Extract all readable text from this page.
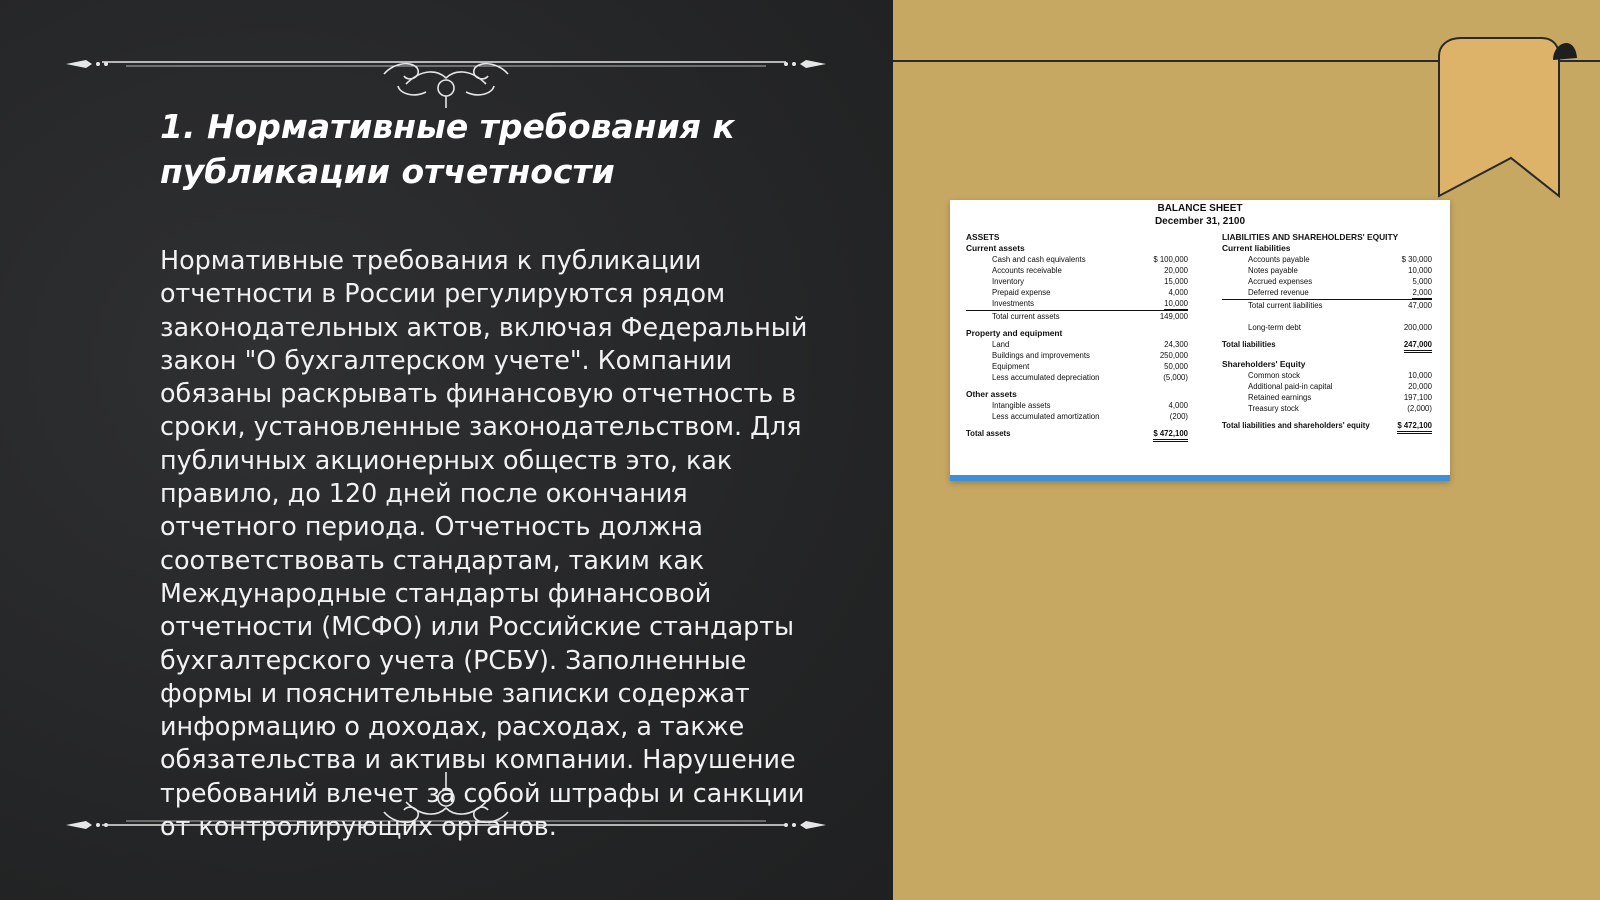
1. Нормативные требования к публикации отчетности

Нормативные требования к публикации отчетности в России регулируются рядом законодательных актов, включая Федеральный закон "О бухгалтерском учете". Компании обязаны раскрывать финансовую отчетность в сроки, установленные законодательством. Для публичных акционерных обществ это, как правило, до 120 дней после окончания отчетного периода. Отчетность должна соответствовать стандартам, таким как Международные стандарты финансовой отчетности (МСФО) или Российские стандарты бухгалтерского учета (РСБУ). Заполненные формы и пояснительные записки содержат информацию о доходах, расходах, а также обязательства и активы компании. Нарушение требований влечет за собой штрафы и санкции от контролирующих органов.

BALANCE SHEET
December 31, 2100
ASSETS
Current assets
Cash and cash equivalents	$ 100,000
Accounts receivable	20,000
Inventory	15,000
Prepaid expense	4,000
Investments	10,000
Total current assets	149,000
Property and equipment
Land	24,300
Buildings and improvements	250,000
Equipment	50,000
Less accumulated depreciation	(5,000)
Other assets
Intangible assets	4,000
Less accumulated amortization	(200)
Total assets	$ 472,100
LIABILITIES AND SHAREHOLDERS' EQUITY
Current liabilities
Accounts payable	$ 30,000
Notes payable	10,000
Accrued expenses	5,000
Deferred revenue	2,000
Total current liabilities	47,000
Long-term debt	200,000
Total liabilities	247,000
Shareholders' Equity
Common stock	10,000
Additional paid-in capital	20,000
Retained earnings	197,100
Treasury stock	(2,000)
Total liabilities and shareholders' equity	$ 472,100
